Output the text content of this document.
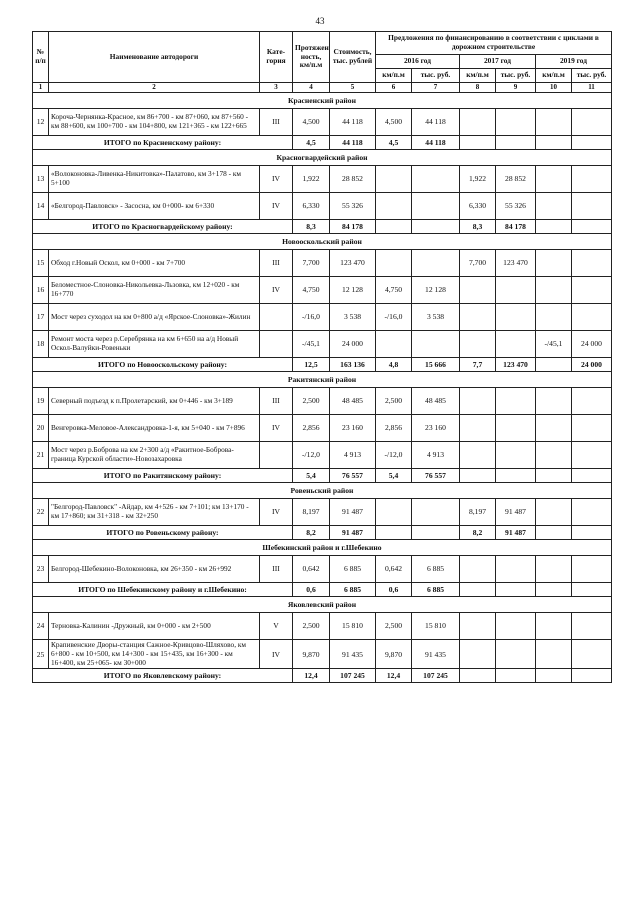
43
№ п/п	Наименование автодороги	Кате-гория	Протяжен ность, км/п.м	Стоимость, тыс. рублей	Предложения по финансированию в соответствии с циклами в дорожном строительстве					
					2016 год		2017 год		2019 год	
					км/п.м	тыс. руб.	км/п.м	тыс. руб.	км/п.м	тыс. руб.
1	2	3	4	5	6	7	8	9	10	11
Красненский район										
12	Короча-Чернянка-Красное, км 86+700 - км 87+060, км 87+560 - км 88+600, км 100+700 - км 104+800, км 121+365 - км 122+665	III	4,500	44 118	4,500	44 118				
ИТОГО по Красненскому району:			4,5	44 118	4,5	44 118				
Красногвардейский район										
13	«Волоконовка-Ливенка-Никитовка»-Палатово, км 3+178 - км 5+100	IV	1,922	28 852			1,922	28 852		
14	«Белгород-Павловск» - Засосна, км 0+000- км 6+330	IV	6,330	55 326			6,330	55 326		
ИТОГО по Красногвардейскому району:			8,3	84 178			8,3	84 178		
Новооскольский район										
15	Обход г.Новый Оскол, км 0+000 - км 7+700	III	7,700	123 470			7,700	123 470		
16	Беломестное-Слоновка-Никольевка-Льзовка, км 12+020 - км 16+770	IV	4,750	12 128	4,750	12 128				
17	Мост через суходол на км 0+800 а/д «Ярское-Слоновка»-Жилин		-/16,0	3 538	-/16,0	3 538				
18	Ремонт моста через р.Серебрянка на км 6+650 на а/д Новый Оскол-Валуйки-Ровеньки		-/45,1	24 000					-/45,1	24 000
ИТОГО по Новооскольскому району:			12,5	163 136	4,8	15 666	7,7	123 470		24 000
Ракитянский район										
19	Северный подъезд к п.Пролетарский, км 0+446 - км 3+189	III	2,500	48 485	2,500	48 485				
20	Венгеровка-Меловое-Александровка-1-я, км 5+040 - км 7+896	IV	2,856	23 160	2,856	23 160				
21	Мост через р.Боброва на км 2+300 а/д «Ракитное-Боброва-граница Курской области»-Новозахаровка		-/12,0	4 913	-/12,0	4 913				
ИТОГО по Ракитянскому району:			5,4	76 557	5,4	76 557				
Ровеньский район										
22	"Белгород-Павловск" -Айдар, км 4+526 - км 7+101; км 13+170 - км 17+860; км 31+318 - км 32+250	IV	8,197	91 487			8,197	91 487		
ИТОГО по Ровеньскому району:			8,2	91 487			8,2	91 487		
Шебекинский район и г.Шебекино										
23	Белгород-Шебекино-Волоконовка, км 26+350 - км 26+992	III	0,642	6 885	0,642	6 885				
ИТОГО по Шебекинскому району и г.Шебекино:			0,6	6 885	0,6	6 885				
Яковлевский район										
24	Терновка-Калинин -Дружный, км 0+000 - км 2+500	V	2,500	15 810	2,500	15 810				
25	Крапивенские Дворы-станция Сажное-Кривцово-Шляхово, км 6+800 - км 10+500, км 14+300 - км 15+435, км 16+300 - км 16+400, км 25+065- км 30+000	IV	9,870	91 435	9,870	91 435				
ИТОГО по Яковлевскому району:			12,4	107 245	12,4	107 245				
